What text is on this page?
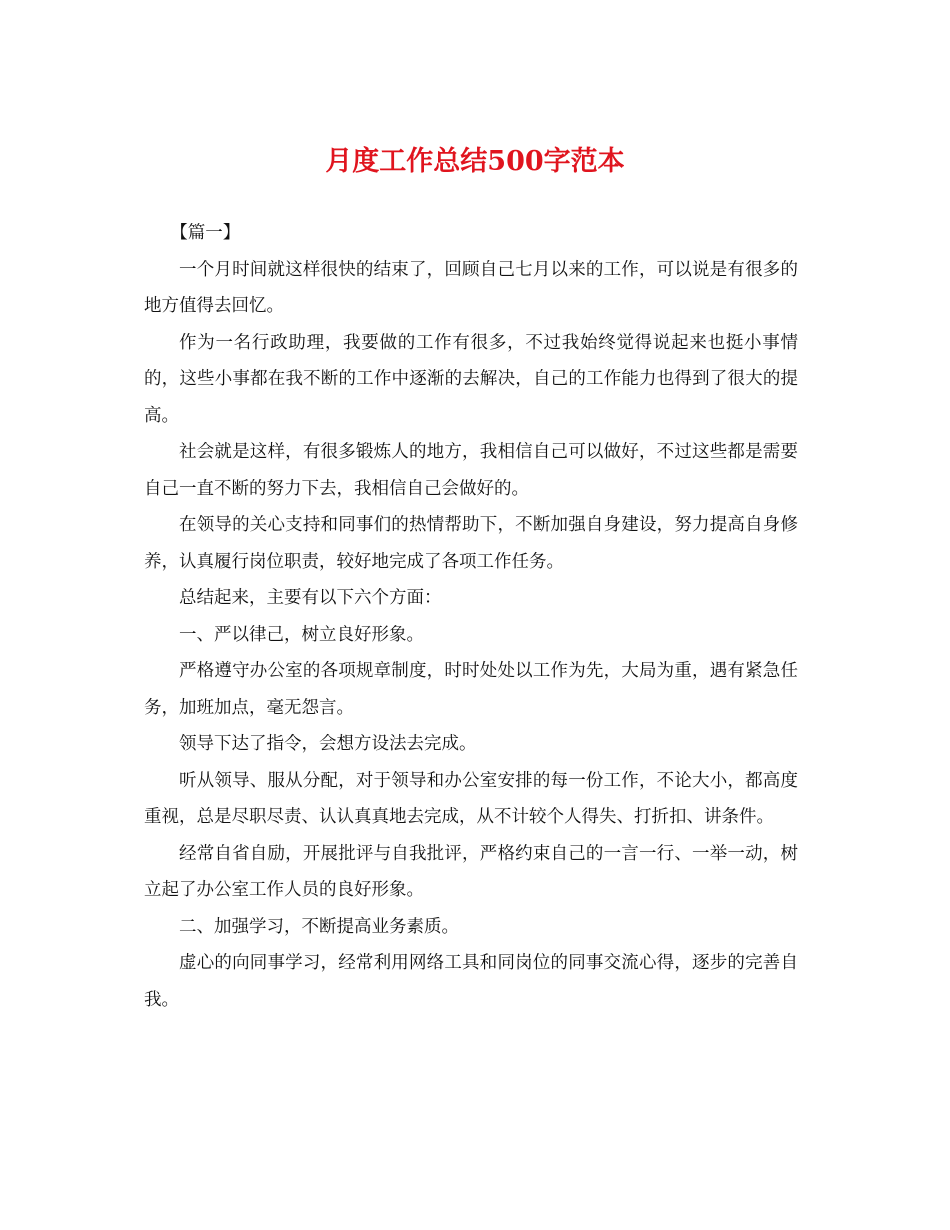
月度工作总结500字范本

【篇一】

一个月时间就这样很快的结束了，回顾自己七月以来的工作，可以说是有很多的地方值得去回忆。

作为一名行政助理，我要做的工作有很多，不过我始终觉得说起来也挺小事情的，这些小事都在我不断的工作中逐渐的去解决，自己的工作能力也得到了很大的提高。

社会就是这样，有很多锻炼人的地方，我相信自己可以做好，不过这些都是需要自己一直不断的努力下去，我相信自己会做好的。

在领导的关心支持和同事们的热情帮助下，不断加强自身建设，努力提高自身修养，认真履行岗位职责，较好地完成了各项工作任务。

总结起来，主要有以下六个方面：

一、严以律己，树立良好形象。

严格遵守办公室的各项规章制度，时时处处以工作为先，大局为重，遇有紧急任务，加班加点，毫无怨言。

领导下达了指令，会想方设法去完成。

听从领导、服从分配，对于领导和办公室安排的每一份工作，不论大小，都高度重视，总是尽职尽责、认认真真地去完成，从不计较个人得失、打折扣、讲条件。

经常自省自励，开展批评与自我批评，严格约束自己的一言一行、一举一动，树立起了办公室工作人员的良好形象。

二、加强学习，不断提高业务素质。

虚心的向同事学习，经常利用网络工具和同岗位的同事交流心得，逐步的完善自我。
